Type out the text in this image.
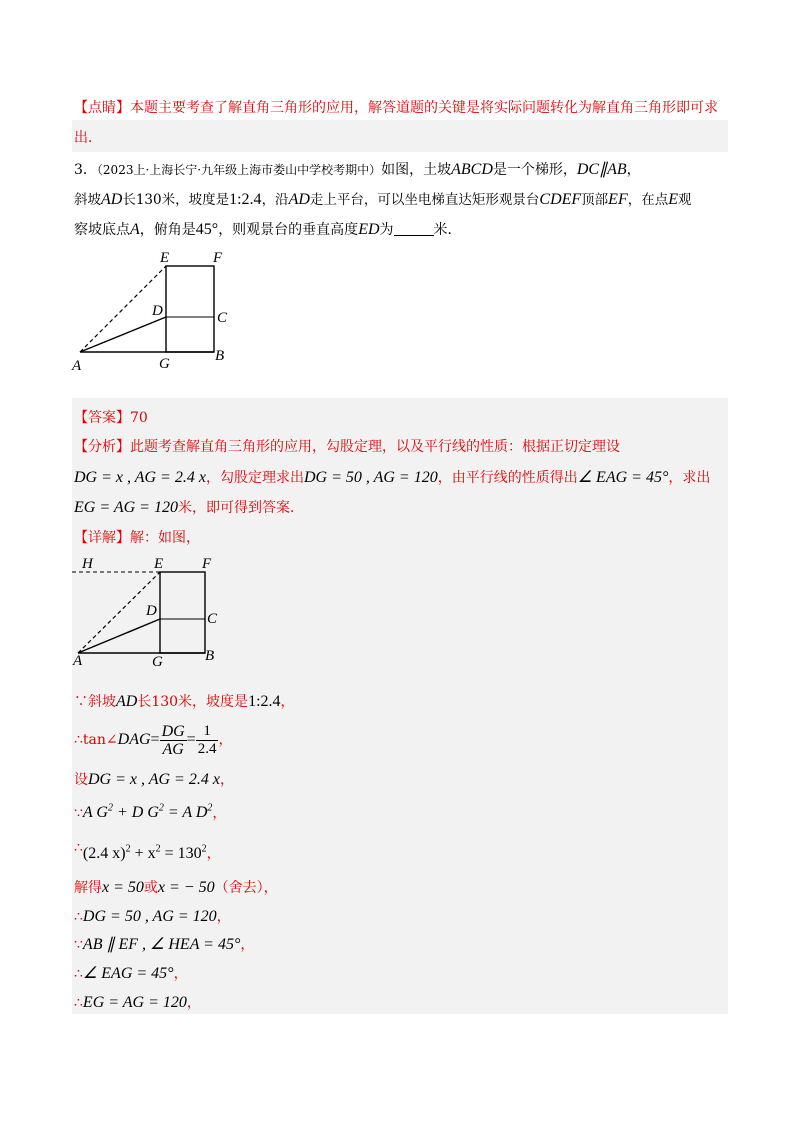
【点睛】本题主要考查了解直角三角形的应用，解答道题的关键是将实际问题转化为解直角三角形即可求
出．
3．（2023上·上海长宁·九年级上海市娄山中学校考期中）如图，土坡ABCD是一个梯形，DC∥AB，
斜坡AD长130米，坡度是1:2.4，沿AD走上平台，可以坐电梯直达矩形观景台CDEF顶部EF，在点E观
察坡底点A，俯角是45°，则观景台的垂直高度ED为	米．
E	F
D	C
A	G	B
【答案】70
【分析】此题考查解直角三角形的应用，勾股定理，以及平行线的性质：根据正切定理设
DG = x , AG = 2.4 x，勾股定理求出DG = 50 , AG = 120，由平行线的性质得出∠ EAG = 45°，求出
EG = AG = 120米，即可得到答案．
【详解】解：如图，
H	E	F
D	C
A	G	B
∵斜坡AD长130米，坡度是1:2.4，
∴tan∠DAG= $\frac{DG}{AG} = \frac{1}{2.4}$ ，
设DG = x , AG = 2.4 x，
∵A $G^2 + D$ $G^2 = A$ $D^2$，
∴(2.4 $x)^2 + x^2 = 130^2$，
解得x = 50或x = − 50（舍去），
∴DG = 50 , AG = 120，
∵AB ∥ EF , ∠ HEA = 45°，
∴∠ EAG = 45°，
∴EG = AG = 120，
